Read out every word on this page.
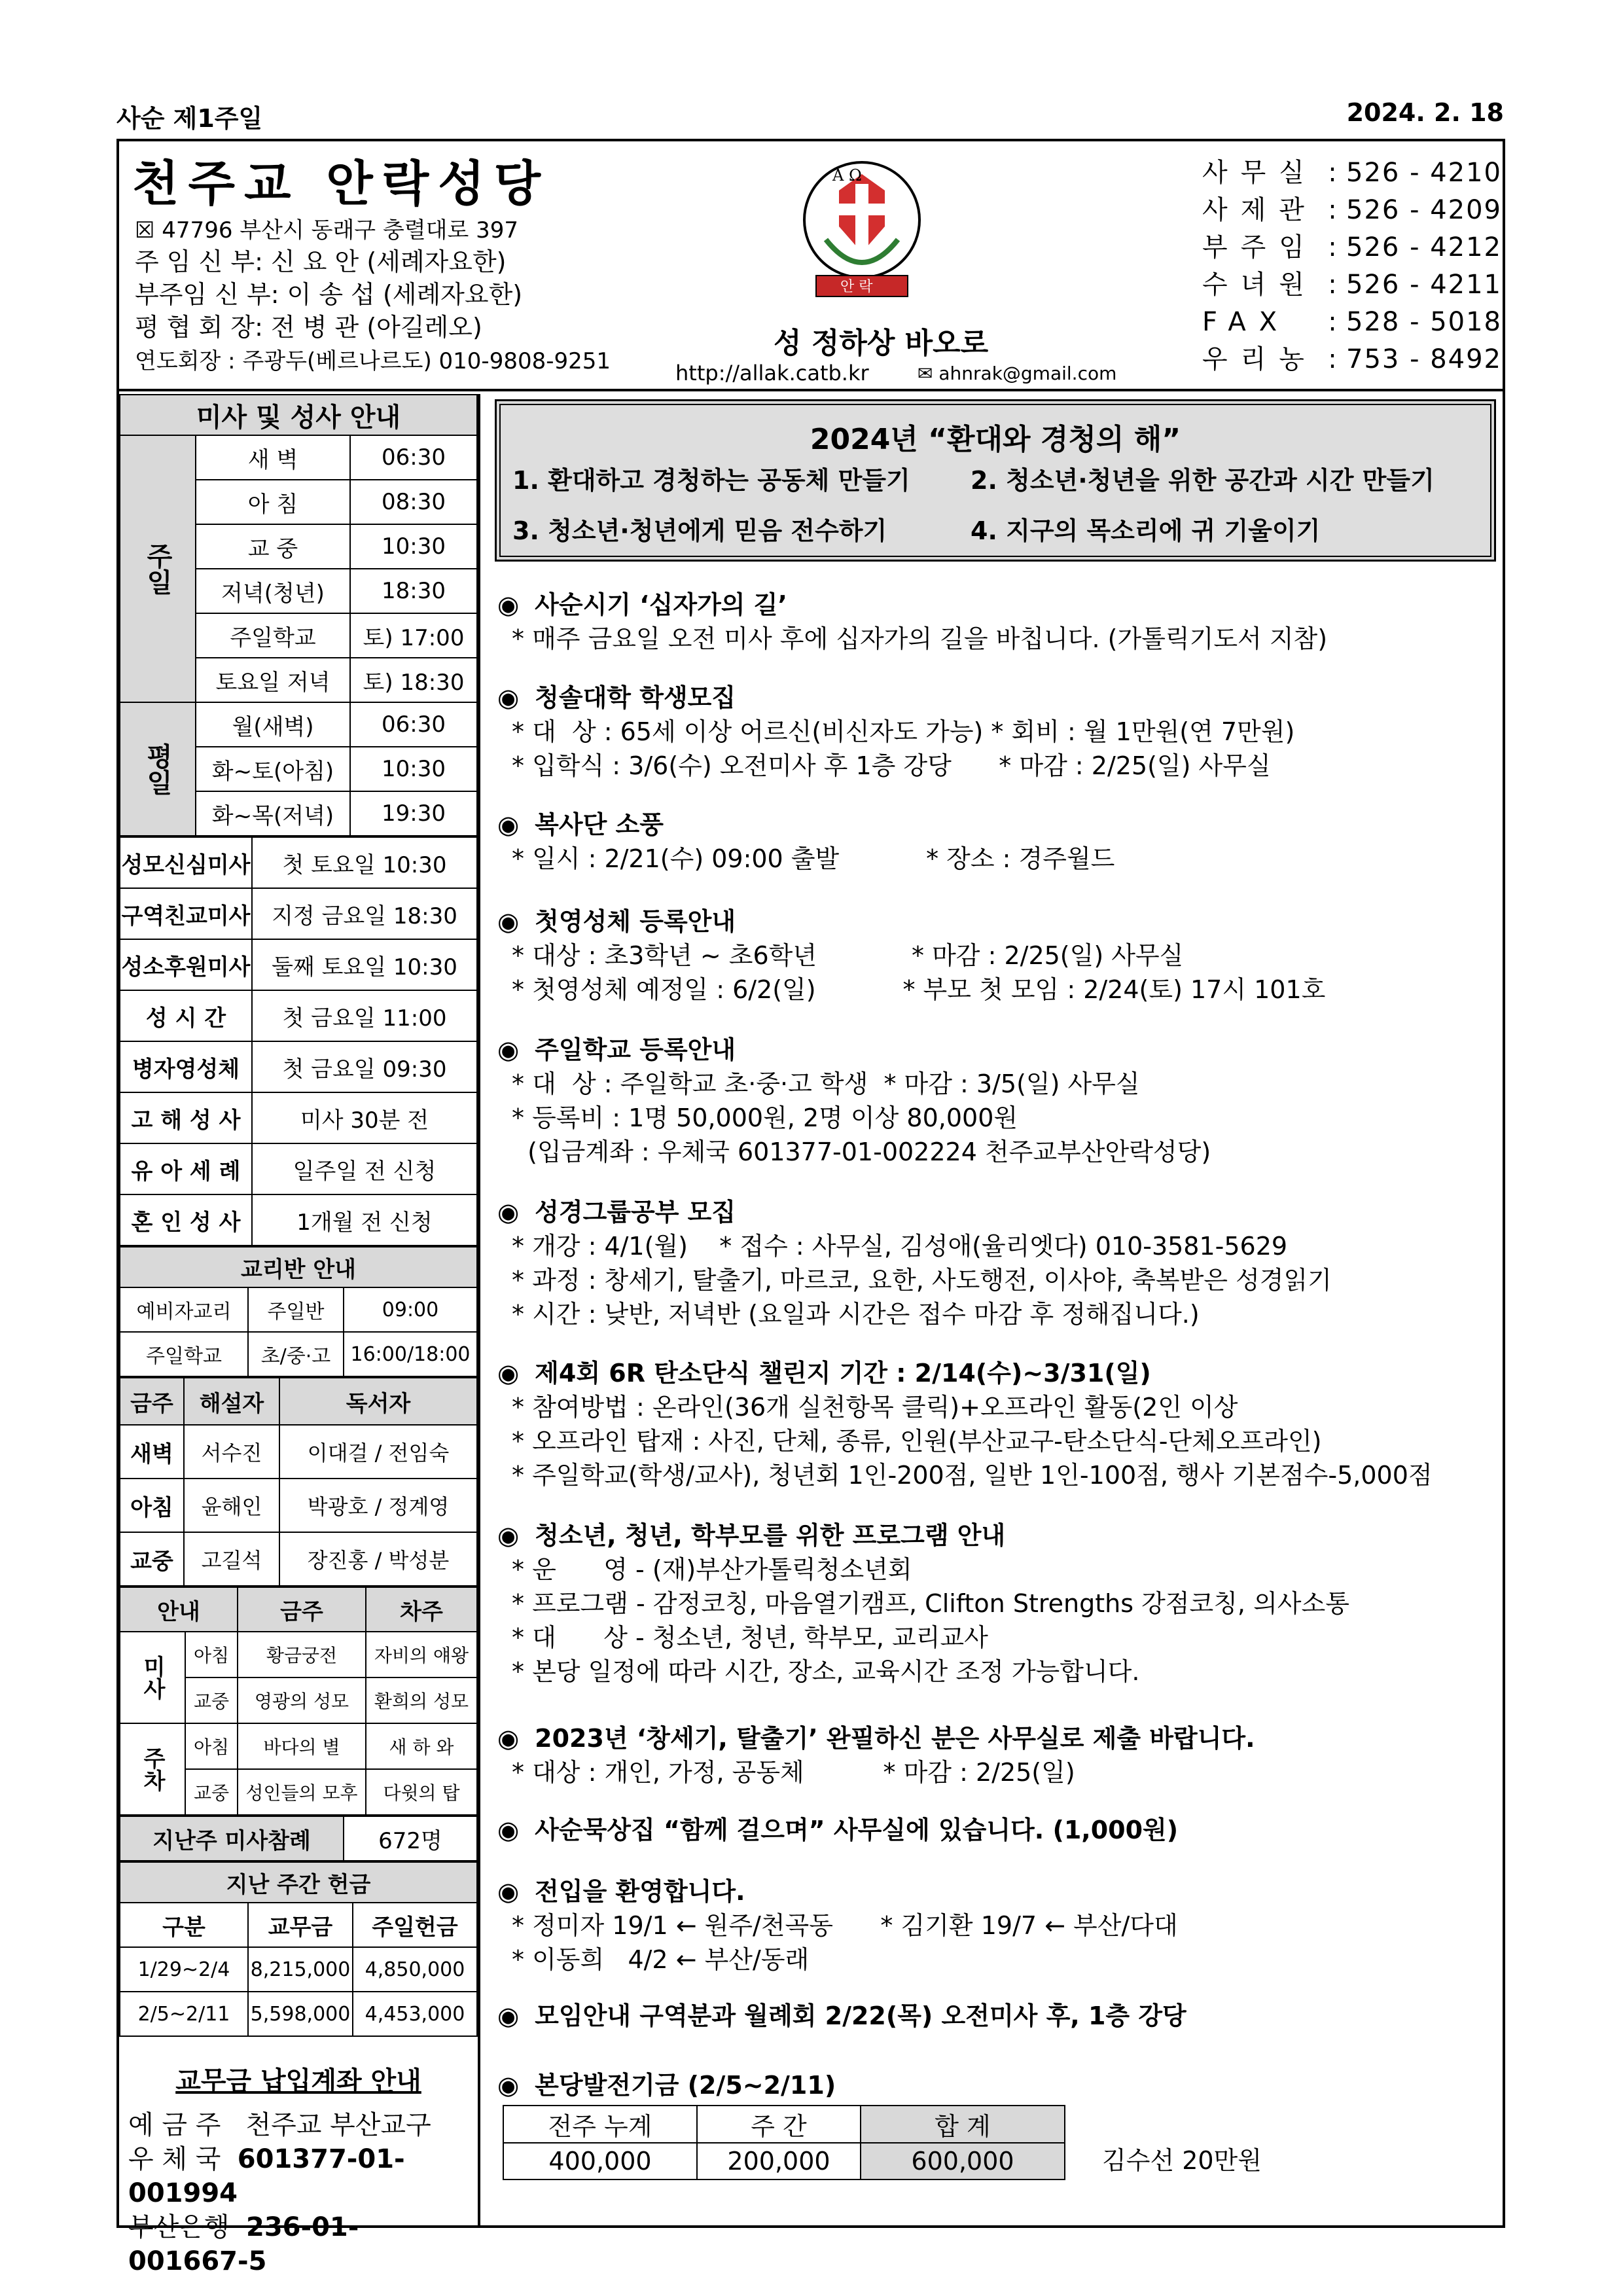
사순 제1주일	2024. 2. 18
천주교 안락성당
☒ 47796 부산시 동래구 충렬대로 397
주 임 신 부: 신 요 안 (세례자요한)
부주임 신 부: 이 송 섭 (세례자요한)
평 협 회 장: 전 병 관 (아길레오)
연도회장 : 주광두(베르나르도) 010-9808-9251
A Ω
안 락
성 정하상 바오로
http://allak.catb.kr	✉ ahnrak@gmail.com
사무실 : 526 - 4210
사제관 : 526 - 4209
부주임 : 526 - 4212
수녀원 : 526 - 4211
FAX	: 528 - 5018
우리농 : 753 - 8492
미사 및 성사 안내		
주일	새 벽	06:30
	아 침	08:30
	교 중	10:30
	저녁(청년)	18:30
	주일학교	토) 17:00
	토요일 저녁	토) 18:30
평일	월(새벽)	06:30
	화~토(아침)	10:30
	화~목(저녁)	19:30
성모신심미사	첫 토요일 10:30
구역친교미사	지정 금요일 18:30
성소후원미사	둘째 토요일 10:30
성 시 간	첫 금요일 11:00
병자영성체	첫 금요일 09:30
고 해 성 사	미사 30분 전
유 아 세 례	일주일 전 신청
혼 인 성 사	1개월 전 신청
교리반 안내		
예비자교리	주일반	09:00
주일학교	초/중·고	16:00/18:00
금주	해설자	독서자
새벽	서수진	이대걸 / 전임숙
아침	윤해인	박광호 / 정계영
교중	고길석	장진홍 / 박성분
안내		금주	차주
미사	아침	황금궁전	자비의 얘왕
	교중	영광의 성모	환희의 성모
주차	아침	바다의 별	새 하 와
	교중	성인들의 모후	다윗의 탑
지난주 미사참례	672명
지난 주간 헌금		
구분	교무금	주일헌금
1/29~2/4	8,215,000	4,850,000
2/5~2/11	5,598,000	4,453,000
교무금 납입계좌 안내
예 금 주 천주교 부산교구
우 체 국 601377-01-001994
부산은행 236-01-001667-5
2024년 “환대와 경청의 해”
1. 환대하고 경청하는 공동체 만들기	2. 청소년·청년을 위한 공간과 시간 만들기
3. 청소년·청년에게 믿음 전수하기	4. 지구의 목소리에 귀 기울이기
◉ 사순시기 ‘십자가의 길’
* 매주 금요일 오전 미사 후에 십자가의 길을 바칩니다. (가톨릭기도서 지참)
◉ 청솔대학 학생모집
* 대  상 : 65세 이상 어르신(비신자도 가능) * 회비 : 월 1만원(연 7만원)
* 입학식 : 3/6(수) 오전미사 후 1층 강당      * 마감 : 2/25(일) 사무실
◉ 복사단 소풍
* 일시 : 2/21(수) 09:00 출발           * 장소 : 경주월드
◉ 첫영성체 등록안내
* 대상 : 초3학년 ~ 초6학년            * 마감 : 2/25(일) 사무실
* 첫영성체 예정일 : 6/2(일)           * 부모 첫 모임 : 2/24(토) 17시 101호
◉ 주일학교 등록안내
* 대  상 : 주일학교 초·중·고 학생  * 마감 : 3/5(일) 사무실
* 등록비 : 1명 50,000원, 2명 이상 80,000원
(입금계좌 : 우체국 601377-01-002224 천주교부산안락성당)
◉ 성경그룹공부 모집
* 개강 : 4/1(월)    * 접수 : 사무실, 김성애(율리엣다) 010-3581-5629
* 과정 : 창세기, 탈출기, 마르코, 요한, 사도행전, 이사야, 축복받은 성경읽기
* 시간 : 낮반, 저녁반 (요일과 시간은 접수 마감 후 정해집니다.)
◉ 제4회 6R 탄소단식 챌린지 기간 : 2/14(수)~3/31(일)
* 참여방법 : 온라인(36개 실천항목 클릭)+오프라인 활동(2인 이상
* 오프라인 탑재 : 사진, 단체, 종류, 인원(부산교구-탄소단식-단체오프라인)
* 주일학교(학생/교사), 청년회 1인-200점, 일반 1인-100점, 행사 기본점수-5,000점
◉ 청소년, 청년, 학부모를 위한 프로그램 안내
* 운      영 - (재)부산가톨릭청소년회
* 프로그램 - 감정코칭, 마음열기캠프, Clifton Strengths 강점코칭, 의사소통
* 대      상 - 청소년, 청년, 학부모, 교리교사
* 본당 일정에 따라 시간, 장소, 교육시간 조정 가능합니다.
◉ 2023년 ‘창세기, 탈출기’ 완필하신 분은 사무실로 제출 바랍니다.
* 대상 : 개인, 가정, 공동체          * 마감 : 2/25(일)
◉ 사순묵상집 “함께 걸으며” 사무실에 있습니다. (1,000원)
◉ 전입을 환영합니다.
* 정미자 19/1 ← 원주/천곡동      * 김기환 19/7 ← 부산/다대
* 이동희   4/2 ← 부산/동래
◉ 모임안내 구역분과 월례회 2/22(목) 오전미사 후, 1층 강당
◉ 본당발전기금 (2/5~2/11)
전주 누계	주 간	합 계
400,000	200,000	600,000	김수선 20만원
